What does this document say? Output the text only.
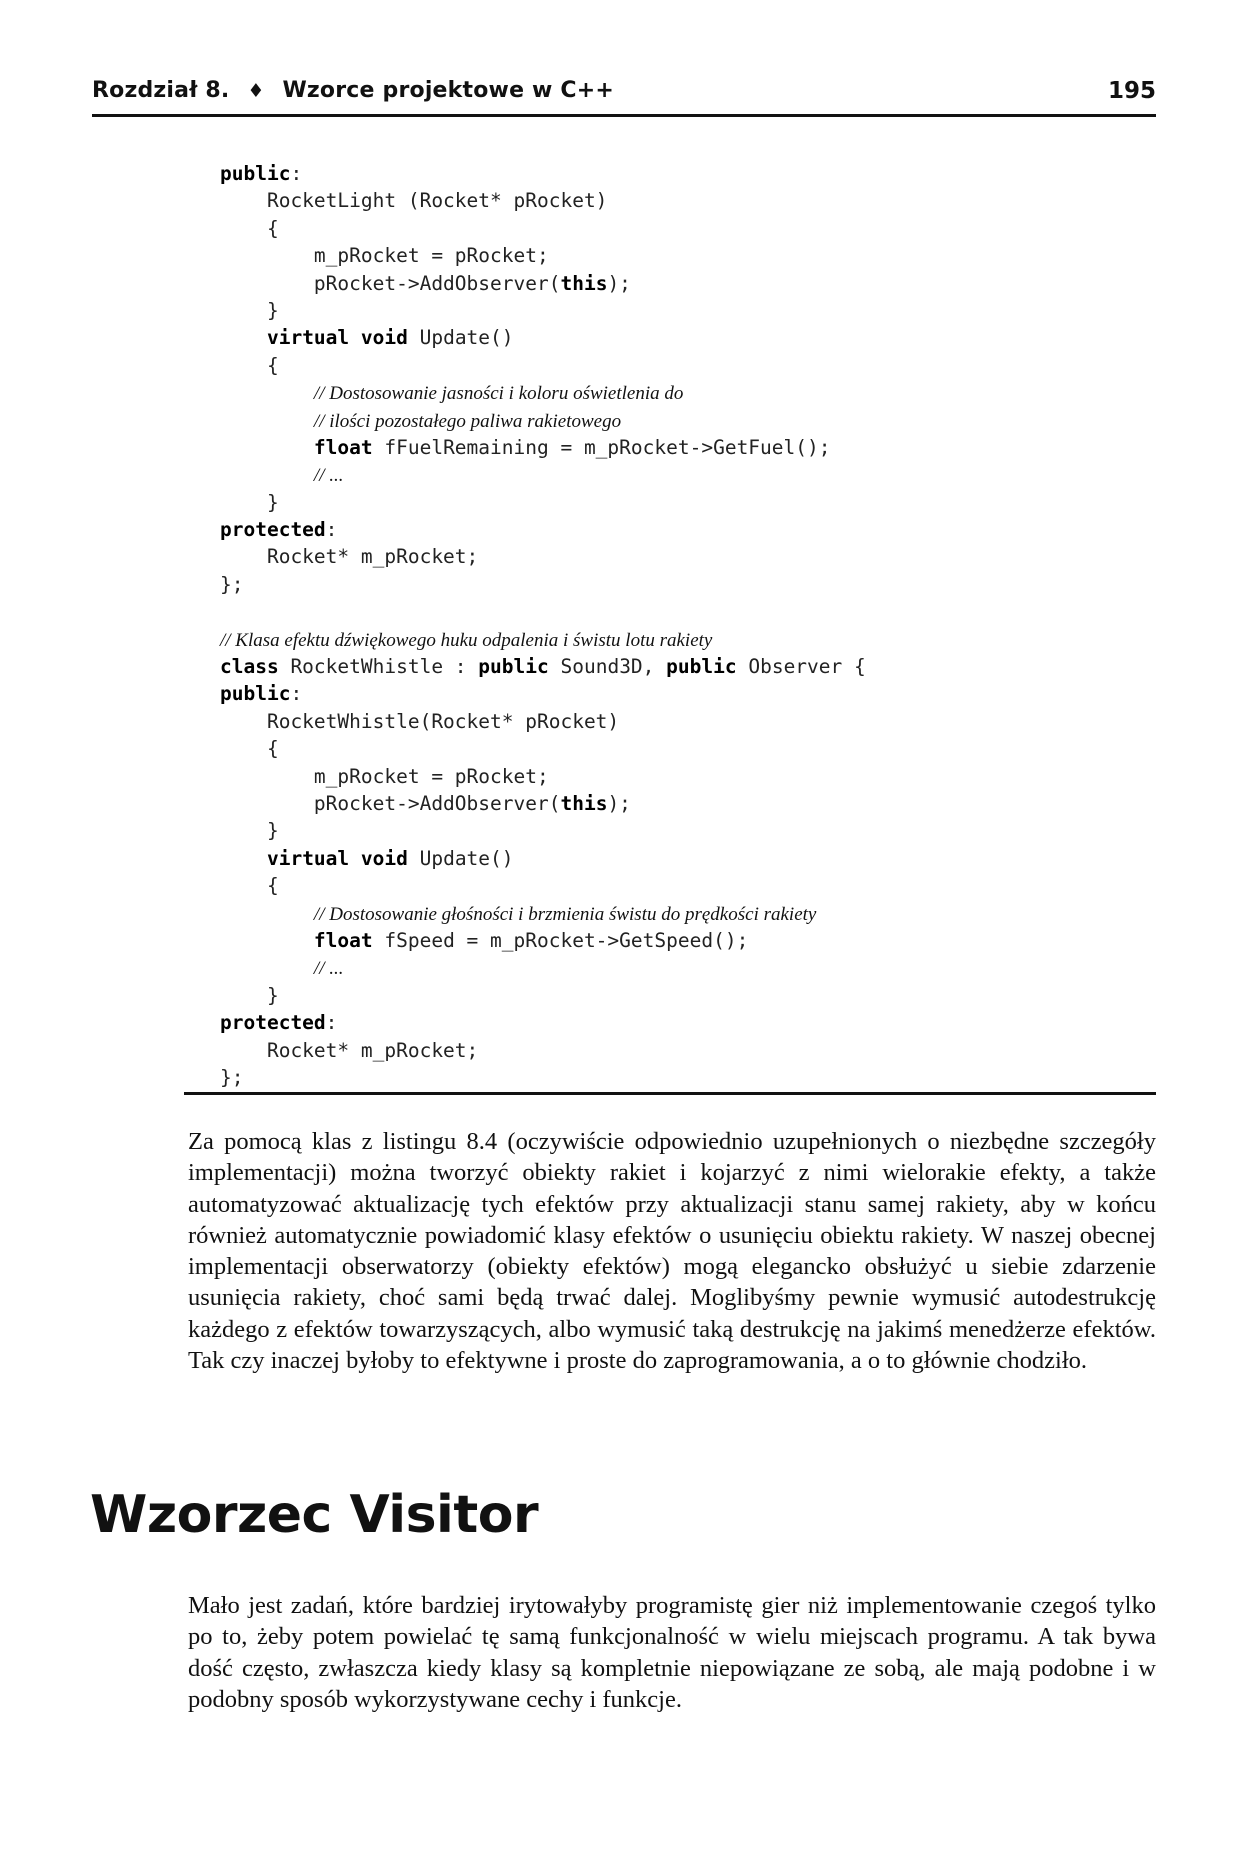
Rozdział 8. ♦ Wzorce projektowe w C++	195
public:
RocketLight (Rocket* pRocket)
{
m_pRocket = pRocket;
pRocket->AddObserver(this);
}
virtual void Update()
{
// Dostosowanie jasności i koloru oświetlenia do
// ilości pozostałego paliwa rakietowego
float fFuelRemaining = m_pRocket->GetFuel();
// ...
}
protected:
Rocket* m_pRocket;
};
// Klasa efektu dźwiękowego huku odpalenia i świstu lotu rakiety
class RocketWhistle : public Sound3D, public Observer {
public:
RocketWhistle(Rocket* pRocket)
{
m_pRocket = pRocket;
pRocket->AddObserver(this);
}
virtual void Update()
{
// Dostosowanie głośności i brzmienia świstu do prędkości rakiety
float fSpeed = m_pRocket->GetSpeed();
// ...
}
protected:
Rocket* m_pRocket;
};

Za pomocą klas z listingu 8.4 (oczywiście odpowiednio uzupełnionych o niezbędne szczegóły implementacji) można tworzyć obiekty rakiet i kojarzyć z nimi wielorakie efekty, a także automatyzować aktualizację tych efektów przy aktualizacji stanu samej rakiety, aby w końcu również automatycznie powiadomić klasy efektów o usunięciu obiektu rakiety. W naszej obecnej implementacji obserwatorzy (obiekty efektów) mogą elegancko obsłużyć u siebie zdarzenie usunięcia rakiety, choć sami będą trwać dalej. Moglibyśmy pewnie wymusić autodestrukcję każdego z efektów towarzyszących, albo wymusić taką destrukcję na jakimś menedżerze efektów. Tak czy inaczej byłoby to efektywne i proste do zaprogramowania, a o to głównie chodziło.

Wzorzec Visitor

Mało jest zadań, które bardziej irytowałyby programistę gier niż implementowanie czegoś tylko po to, żeby potem powielać tę samą funkcjonalność w wielu miejscach programu. A tak bywa dość często, zwłaszcza kiedy klasy są kompletnie niepowiązane ze sobą, ale mają podobne i w podobny sposób wykorzystywane cechy i funkcje.
